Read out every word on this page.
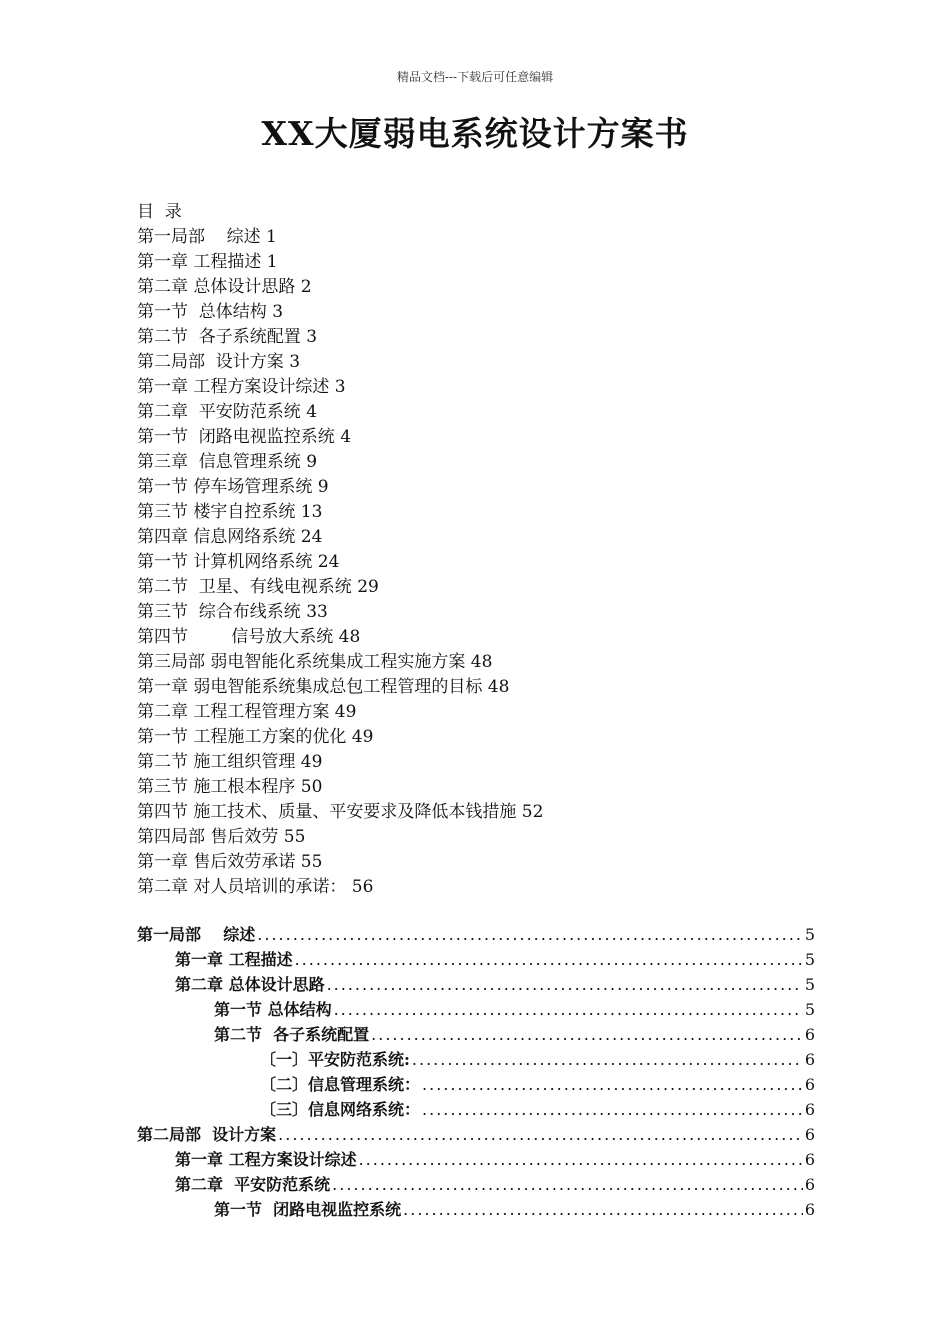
精品文档---下载后可任意编辑
XX大厦弱电系统设计方案书
目  录
第一局部    综述 1
第一章 工程描述 1
第二章 总体设计思路 2
第一节  总体结构 3
第二节  各子系统配置 3
第二局部  设计方案 3
第一章 工程方案设计综述 3
第二章  平安防范系统 4
第一节  闭路电视监控系统 4
第三章  信息管理系统 9
第一节 停车场管理系统 9
第三节 楼宇自控系统 13
第四章 信息网络系统 24
第一节 计算机网络系统 24
第二节  卫星、有线电视系统 29
第三节  综合布线系统 33
第四节        信号放大系统 48
第三局部 弱电智能化系统集成工程实施方案 48
第一章 弱电智能系统集成总包工程管理的目标 48
第二章 工程工程管理方案 49
第一节 工程施工方案的优化 49
第二节 施工组织管理 49
第三节 施工根本程序 50
第四节 施工技术、质量、平安要求及降低本钱措施 52
第四局部 售后效劳 55
第一章 售后效劳承诺 55
第二章 对人员培训的承诺： 56
第一局部    综述 .....	5
第一章 工程描述 .....	5
第二章 总体设计思路 .....	5
第一节 总体结构 .....	5
第二节  各子系统配置 .....	6
〔一〕平安防范系统: .....	6
〔二〕信息管理系统： .....	6
〔三〕信息网络系统： .....	6
第二局部  设计方案 .....	6
第一章 工程方案设计综述 .....	6
第二章  平安防范系统 .....	6
第一节  闭路电视监控系统 .....	6
